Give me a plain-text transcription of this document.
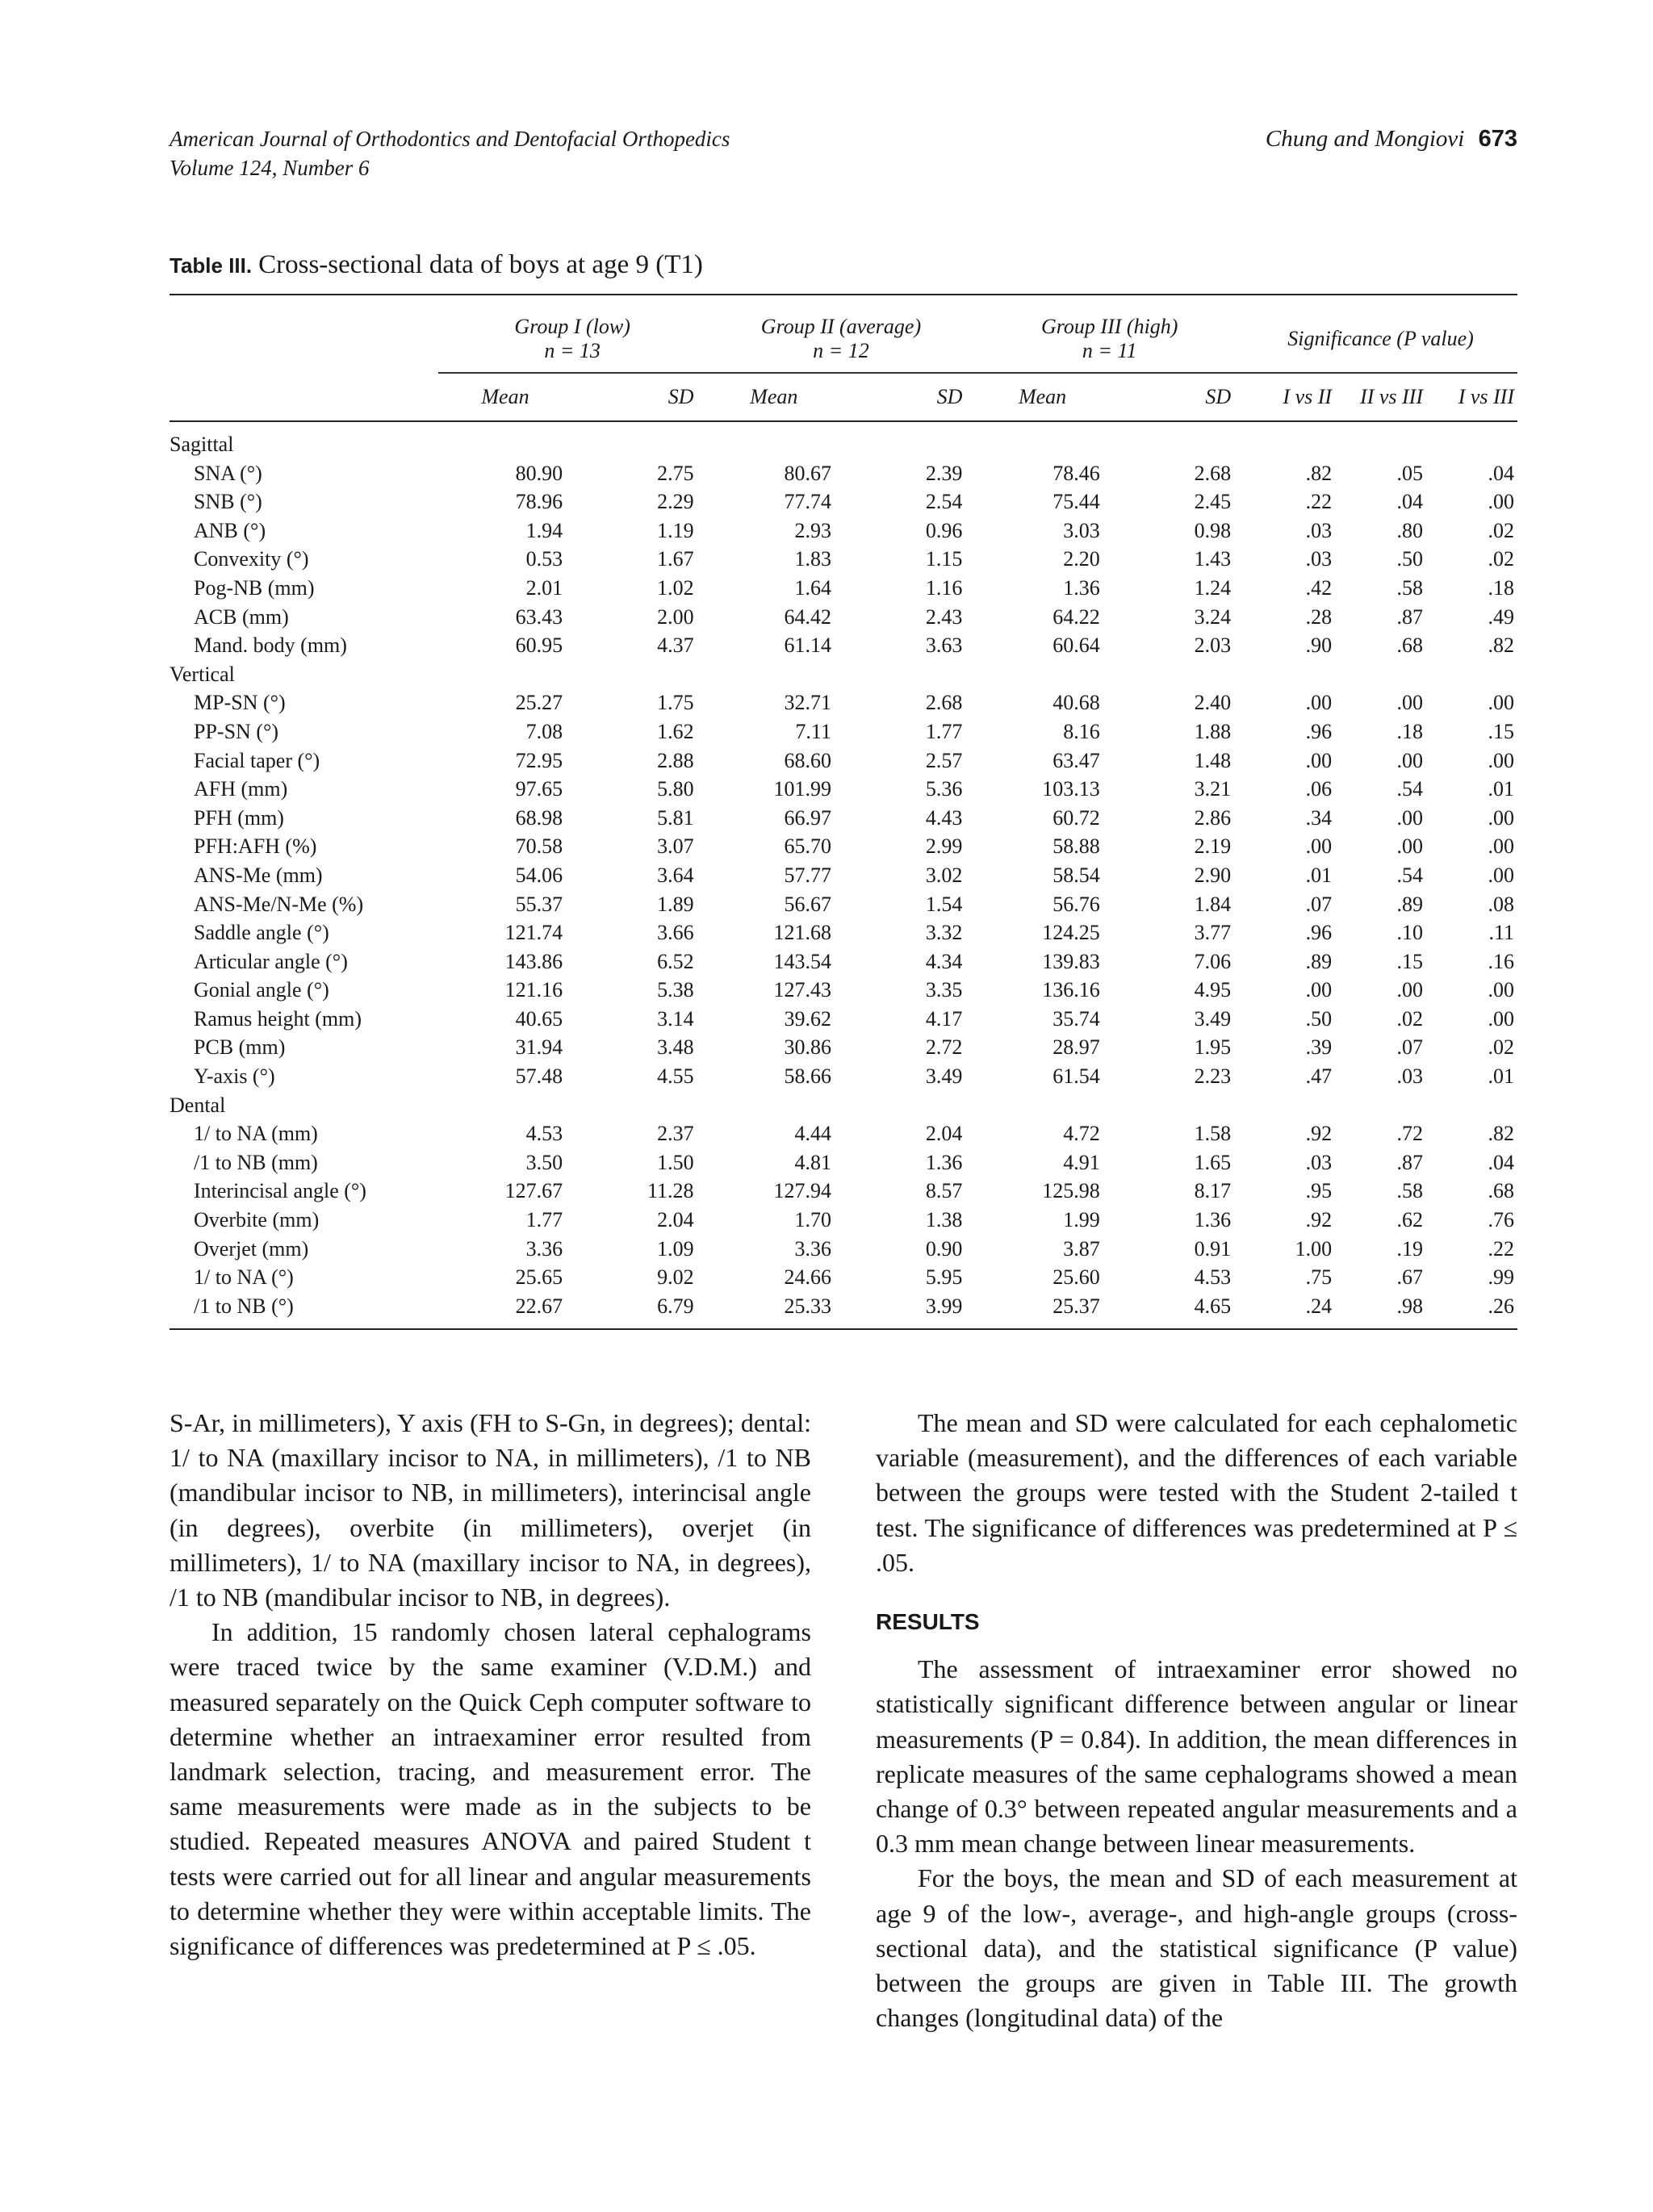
American Journal of Orthodontics and Dentofacial Orthopedics
Volume 124, Number 6
Chung and Mongiovi 673
Table III. Cross-sectional data of boys at age 9 (T1)

	Group I (low)
n = 13		Group II (average)
n = 12		Group III (high)
n = 11		Significance (P value)		
	Mean	SD	Mean	SD	Mean	SD	I vs II	II vs III	I vs III
Sagittal									
SNA (°)	80.90	2.75	80.67	2.39	78.46	2.68	.82	.05	.04
SNB (°)	78.96	2.29	77.74	2.54	75.44	2.45	.22	.04	.00
ANB (°)	1.94	1.19	2.93	0.96	3.03	0.98	.03	.80	.02
Convexity (°)	0.53	1.67	1.83	1.15	2.20	1.43	.03	.50	.02
Pog-NB (mm)	2.01	1.02	1.64	1.16	1.36	1.24	.42	.58	.18
ACB (mm)	63.43	2.00	64.42	2.43	64.22	3.24	.28	.87	.49
Mand. body (mm)	60.95	4.37	61.14	3.63	60.64	2.03	.90	.68	.82
Vertical									
MP-SN (°)	25.27	1.75	32.71	2.68	40.68	2.40	.00	.00	.00
PP-SN (°)	7.08	1.62	7.11	1.77	8.16	1.88	.96	.18	.15
Facial taper (°)	72.95	2.88	68.60	2.57	63.47	1.48	.00	.00	.00
AFH (mm)	97.65	5.80	101.99	5.36	103.13	3.21	.06	.54	.01
PFH (mm)	68.98	5.81	66.97	4.43	60.72	2.86	.34	.00	.00
PFH:AFH (%)	70.58	3.07	65.70	2.99	58.88	2.19	.00	.00	.00
ANS-Me (mm)	54.06	3.64	57.77	3.02	58.54	2.90	.01	.54	.00
ANS-Me/N-Me (%)	55.37	1.89	56.67	1.54	56.76	1.84	.07	.89	.08
Saddle angle (°)	121.74	3.66	121.68	3.32	124.25	3.77	.96	.10	.11
Articular angle (°)	143.86	6.52	143.54	4.34	139.83	7.06	.89	.15	.16
Gonial angle (°)	121.16	5.38	127.43	3.35	136.16	4.95	.00	.00	.00
Ramus height (mm)	40.65	3.14	39.62	4.17	35.74	3.49	.50	.02	.00
PCB (mm)	31.94	3.48	30.86	2.72	28.97	1.95	.39	.07	.02
Y-axis (°)	57.48	4.55	58.66	3.49	61.54	2.23	.47	.03	.01
Dental									
1/ to NA (mm)	4.53	2.37	4.44	2.04	4.72	1.58	.92	.72	.82
/1 to NB (mm)	3.50	1.50	4.81	1.36	4.91	1.65	.03	.87	.04
Interincisal angle (°)	127.67	11.28	127.94	8.57	125.98	8.17	.95	.58	.68
Overbite (mm)	1.77	2.04	1.70	1.38	1.99	1.36	.92	.62	.76
Overjet (mm)	3.36	1.09	3.36	0.90	3.87	0.91	1.00	.19	.22
1/ to NA (°)	25.65	9.02	24.66	5.95	25.60	4.53	.75	.67	.99
/1 to NB (°)	22.67	6.79	25.33	3.99	25.37	4.65	.24	.98	.26

S-Ar, in millimeters), Y axis (FH to S-Gn, in degrees); dental: 1/ to NA (maxillary incisor to NA, in millimeters), /1 to NB (mandibular incisor to NB, in millimeters), interincisal angle (in degrees), overbite (in millimeters), overjet (in millimeters), 1/ to NA (maxillary incisor to NA, in degrees), /1 to NB (mandibular incisor to NB, in degrees).

In addition, 15 randomly chosen lateral cephalograms were traced twice by the same examiner (V.D.M.) and measured separately on the Quick Ceph computer software to determine whether an intraexaminer error resulted from landmark selection, tracing, and measurement error. The same measurements were made as in the subjects to be studied. Repeated measures ANOVA and paired Student t tests were carried out for all linear and angular measurements to determine whether they were within acceptable limits. The significance of differences was predetermined at P ≤ .05.

The mean and SD were calculated for each cephalometic variable (measurement), and the differences of each variable between the groups were tested with the Student 2-tailed t test. The significance of differences was predetermined at P ≤ .05.

RESULTS

The assessment of intraexaminer error showed no statistically significant difference between angular or linear measurements (P = 0.84). In addition, the mean differences in replicate measures of the same cephalograms showed a mean change of 0.3° between repeated angular measurements and a 0.3 mm mean change between linear measurements.

For the boys, the mean and SD of each measurement at age 9 of the low-, average-, and high-angle groups (cross-sectional data), and the statistical significance (P value) between the groups are given in Table III. The growth changes (longitudinal data) of the
